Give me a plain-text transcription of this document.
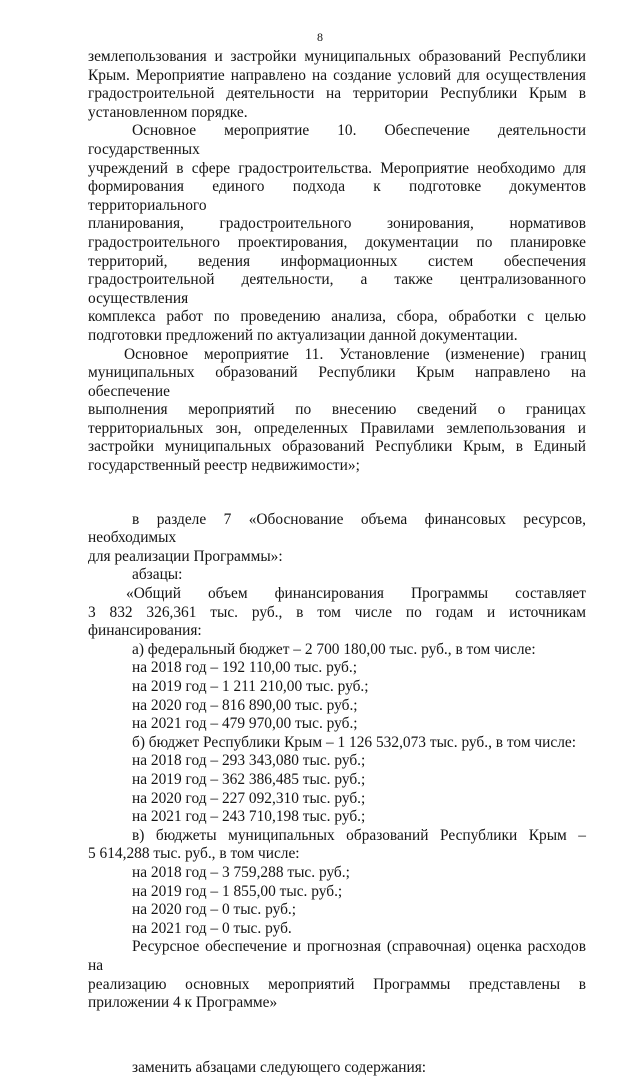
8

землепользования и застройки муниципальных образований Республики

Крым. Мероприятие направлено на создание условий для осуществления

градостроительной деятельности на территории Республики Крым в

установленном порядке.

Основное мероприятие 10. Обеспечение деятельности государственных

учреждений в сфере градостроительства. Мероприятие необходимо для

формирования единого подхода к подготовке документов территориального

планирования, градостроительного зонирования, нормативов

градостроительного проектирования, документации по планировке

территорий, ведения информационных систем обеспечения

градостроительной деятельности, а также централизованного осуществления

комплекса работ по проведению анализа, сбора, обработки с целью

подготовки предложений по актуализации данной документации.

Основное мероприятие 11. Установление (изменение) границ

муниципальных образований Республики Крым направлено на обеспечение

выполнения мероприятий по внесению сведений о границах

территориальных зон, определенных Правилами землепользования и

застройки муниципальных образований Республики Крым, в Единый

государственный реестр недвижимости»;

в разделе 7 «Обоснование объема финансовых ресурсов, необходимых

для реализации Программы»:

абзацы:

«Общий объем финансирования Программы составляет

3 832 326,361 тыс. руб., в том числе по годам и источникам финансирования:

а) федеральный бюджет – 2 700 180,00 тыс. руб., в том числе:

на 2018 год – 192 110,00 тыс. руб.;

на 2019 год – 1 211 210,00 тыс. руб.;

на 2020 год – 816 890,00 тыс. руб.;

на 2021 год – 479 970,00 тыс. руб.;

б) бюджет Республики Крым – 1 126 532,073 тыс. руб., в том числе:

на 2018 год – 293 343,080 тыс. руб.;

на 2019 год – 362 386,485 тыс. руб.;

на 2020 год – 227 092,310 тыс. руб.;

на 2021 год – 243 710,198 тыс. руб.;

в) бюджеты муниципальных образований Республики Крым –

5 614,288 тыс. руб., в том числе:

на 2018 год – 3 759,288 тыс. руб.;

на 2019 год – 1 855,00 тыс. руб.;

на 2020 год – 0 тыс. руб.;

на 2021 год – 0 тыс. руб.

Ресурсное обеспечение и прогнозная (справочная) оценка расходов на

реализацию основных мероприятий Программы представлены в

приложении 4 к Программе»

заменить абзацами следующего содержания:
